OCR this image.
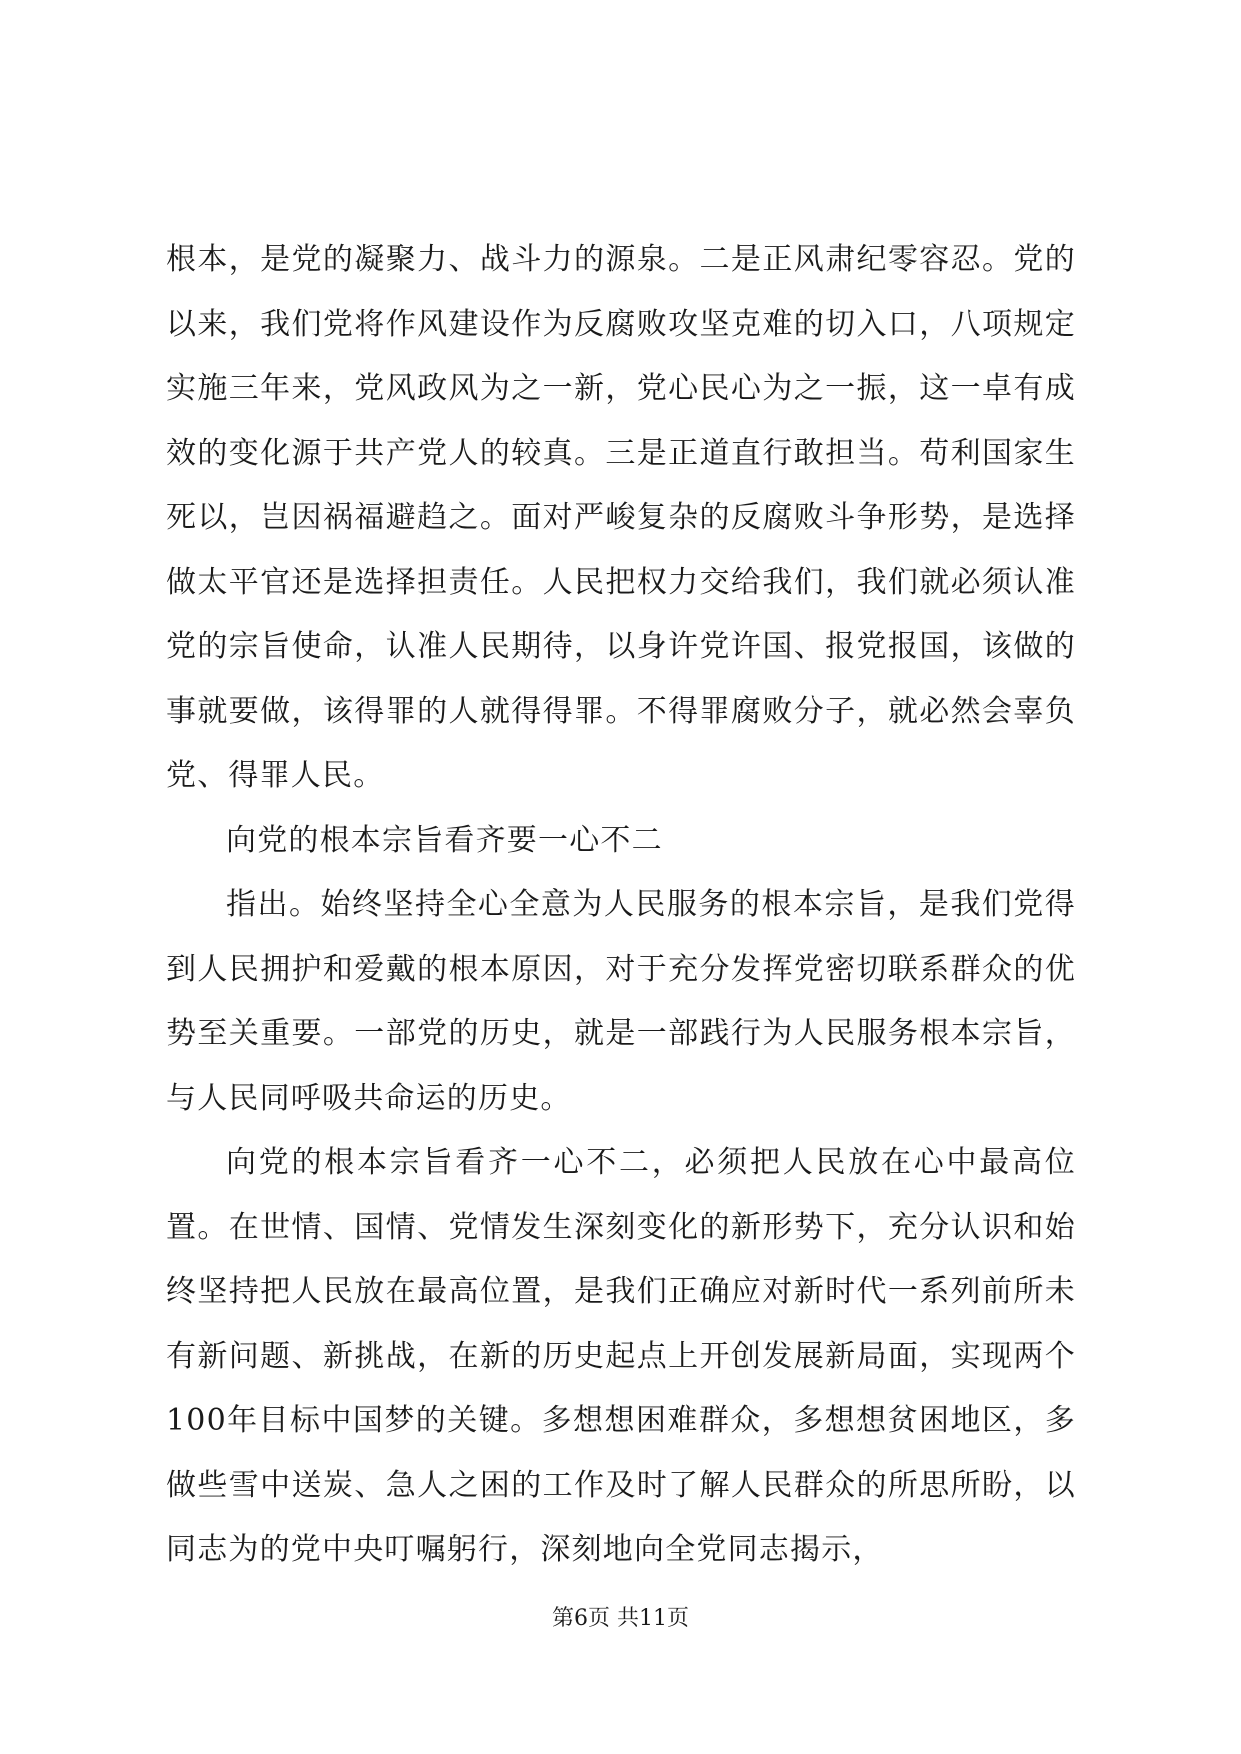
根本，是党的凝聚力、战斗力的源泉。二是正风肃纪零容忍。党的以来，我们党将作风建设作为反腐败攻坚克难的切入口，八项规定实施三年来，党风政风为之一新，党心民心为之一振，这一卓有成效的变化源于共产党人的较真。三是正道直行敢担当。苟利国家生死以，岂因祸福避趋之。面对严峻复杂的反腐败斗争形势，是选择做太平官还是选择担责任。人民把权力交给我们，我们就必须认准党的宗旨使命，认准人民期待，以身许党许国、报党报国，该做的事就要做，该得罪的人就得得罪。不得罪腐败分子，就必然会辜负党、得罪人民。

向党的根本宗旨看齐要一心不二

指出。始终坚持全心全意为人民服务的根本宗旨，是我们党得到人民拥护和爱戴的根本原因，对于充分发挥党密切联系群众的优势至关重要。一部党的历史，就是一部践行为人民服务根本宗旨，与人民同呼吸共命运的历史。

向党的根本宗旨看齐一心不二，必须把人民放在心中最高位置。在世情、国情、党情发生深刻变化的新形势下，充分认识和始终坚持把人民放在最高位置，是我们正确应对新时代一系列前所未有新问题、新挑战，在新的历史起点上开创发展新局面，实现两个100年目标中国梦的关键。多想想困难群众，多想想贫困地区，多做些雪中送炭、急人之困的工作及时了解人民群众的所思所盼，以同志为的党中央叮嘱躬行，深刻地向全党同志揭示，

第6页 共11页
